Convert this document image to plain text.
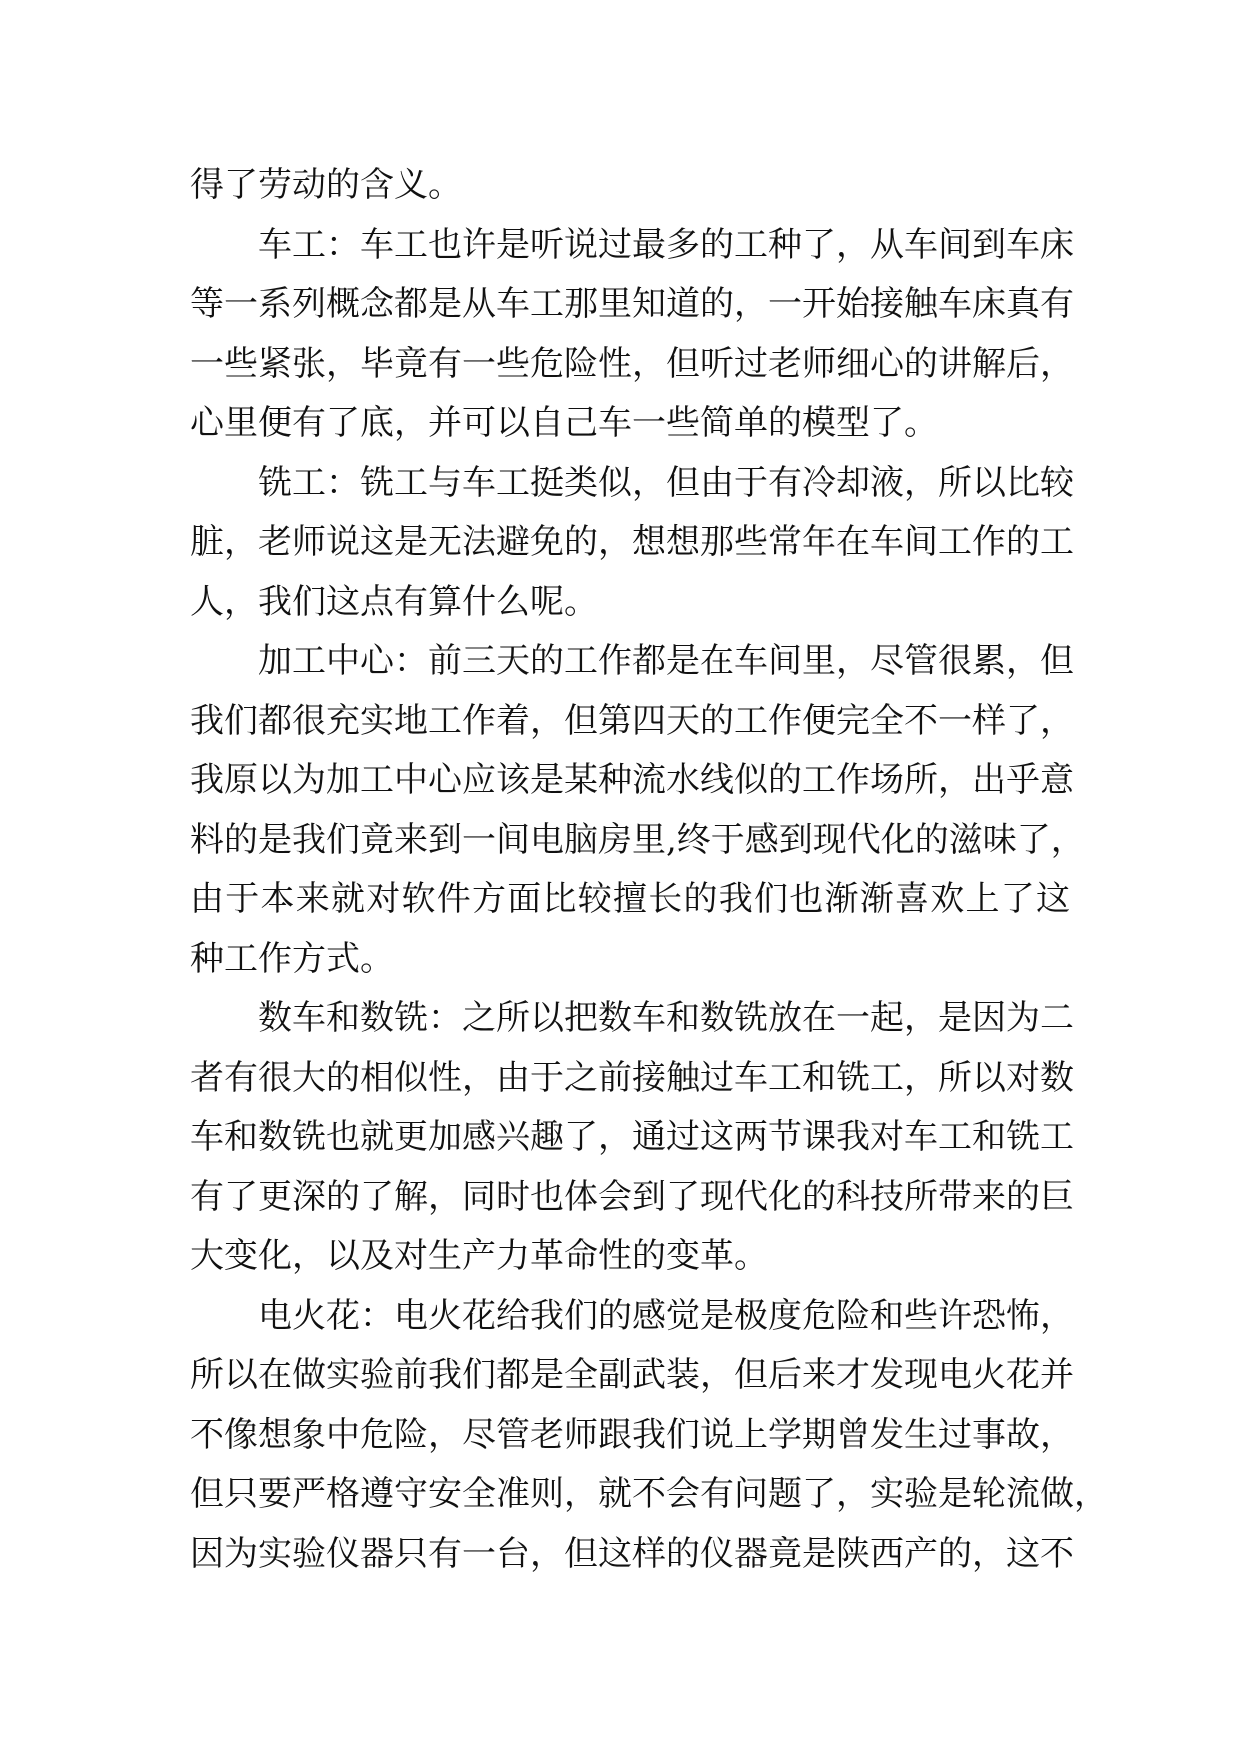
得了劳动的含义。
车工：车工也许是听说过最多的工种了，从车间到车床
等一系列概念都是从车工那里知道的，一开始接触车床真有
一些紧张，毕竟有一些危险性，但听过老师细心的讲解后，
心里便有了底，并可以自己车一些简单的模型了。
铣工：铣工与车工挺类似，但由于有冷却液，所以比较
脏，老师说这是无法避免的，想想那些常年在车间工作的工
人，我们这点有算什么呢。
加工中心：前三天的工作都是在车间里，尽管很累，但
我们都很充实地工作着，但第四天的工作便完全不一样了，
我原以为加工中心应该是某种流水线似的工作场所，出乎意
料的是我们竟来到一间电脑房里,终于感到现代化的滋味了，
由于本来就对软件方面比较擅长的我们也渐渐喜欢上了这
种工作方式。
数车和数铣：之所以把数车和数铣放在一起，是因为二
者有很大的相似性，由于之前接触过车工和铣工，所以对数
车和数铣也就更加感兴趣了，通过这两节课我对车工和铣工
有了更深的了解，同时也体会到了现代化的科技所带来的巨
大变化，以及对生产力革命性的变革。
电火花：电火花给我们的感觉是极度危险和些许恐怖，
所以在做实验前我们都是全副武装，但后来才发现电火花并
不像想象中危险，尽管老师跟我们说上学期曾发生过事故，
但只要严格遵守安全准则，就不会有问题了，实验是轮流做，
因为实验仪器只有一台，但这样的仪器竟是陕西产的，这不
